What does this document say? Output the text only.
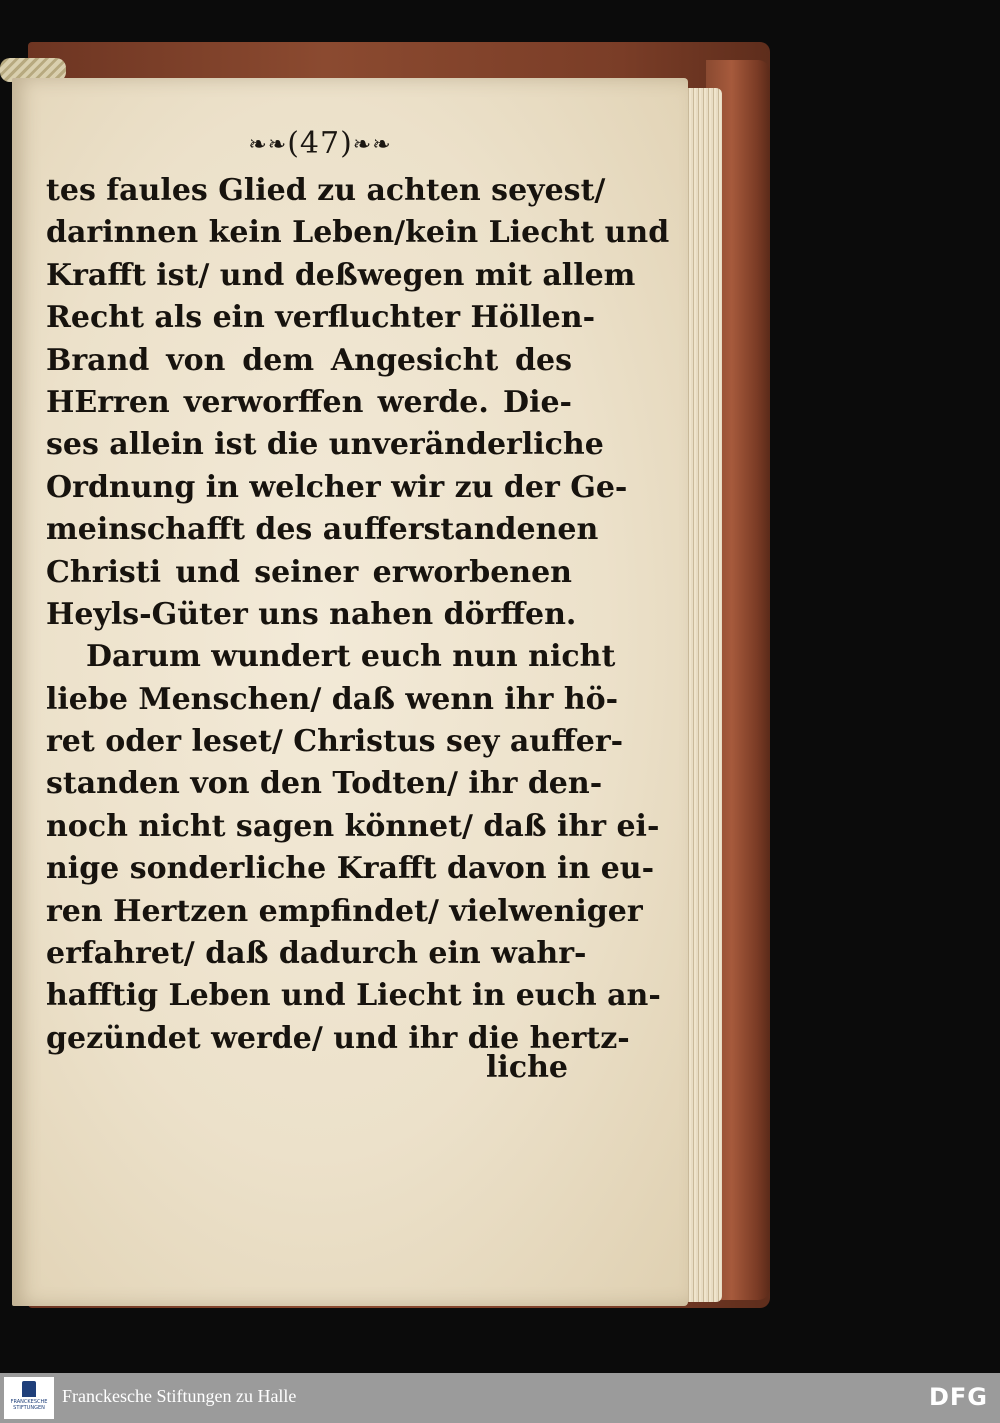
❧❧(47)❧❧
tes faules Glied zu achten seyest/
darinnen kein Leben/kein Liecht und
Krafft ist/ und deßwegen mit allem
Recht als ein verfluchter Höllen-
Brand von dem Angesicht des
HErren verworffen werde. Die-
ses allein ist die unveränderliche
Ordnung in welcher wir zu der Ge-
meinschafft des aufferstandenen
Christi und seiner erworbenen
Heyls-Güter uns nahen dörffen.
Darum wundert euch nun nicht
liebe Menschen/ daß wenn ihr hö-
ret oder leset/ Christus sey auffer-
standen von den Todten/ ihr den-
noch nicht sagen könnet/ daß ihr ei-
nige sonderliche Krafft davon in eu-
ren Hertzen empfindet/ vielweniger
erfahret/ daß dadurch ein wahr-
hafftig Leben und Liecht in euch an-
gezündet werde/ und ihr die hertz-
liche
FRANCKESCHE STIFTUNGEN
Franckesche Stiftungen zu Halle	DFG
